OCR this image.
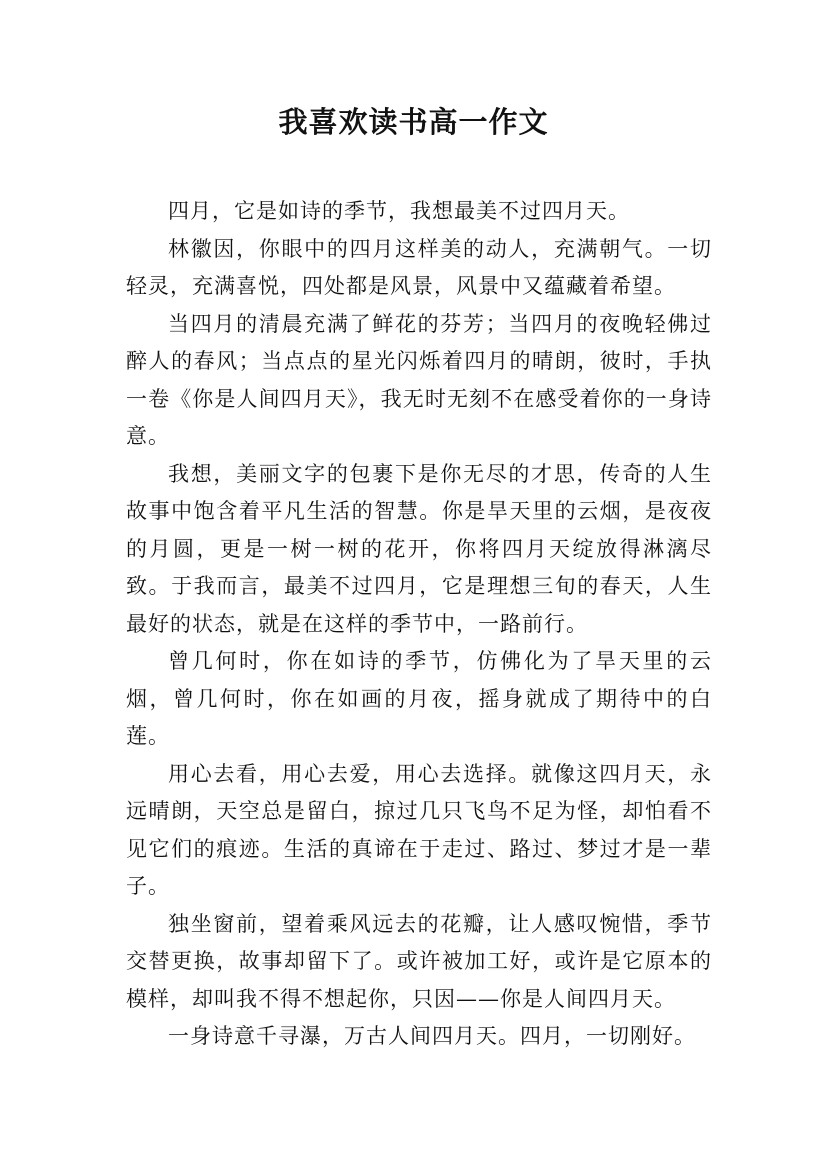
我喜欢读书高一作文

四月，它是如诗的季节，我想最美不过四月天。

林徽因，你眼中的四月这样美的动人，充满朝气。一切轻灵，充满喜悦，四处都是风景，风景中又蕴藏着希望。

当四月的清晨充满了鲜花的芬芳；当四月的夜晚轻佛过醉人的春风；当点点的星光闪烁着四月的晴朗，彼时，手执一卷《你是人间四月天》，我无时无刻不在感受着你的一身诗意。

我想，美丽文字的包裹下是你无尽的才思，传奇的人生故事中饱含着平凡生活的智慧。你是旱天里的云烟，是夜夜的月圆，更是一树一树的花开，你将四月天绽放得淋漓尽致。于我而言，最美不过四月，它是理想三旬的春天，人生最好的状态，就是在这样的季节中，一路前行。

曾几何时，你在如诗的季节，仿佛化为了旱天里的云烟，曾几何时，你在如画的月夜，摇身就成了期待中的白莲。

用心去看，用心去爱，用心去选择。就像这四月天，永远晴朗，天空总是留白，掠过几只飞鸟不足为怪，却怕看不见它们的痕迹。生活的真谛在于走过、路过、梦过才是一辈子。

独坐窗前，望着乘风远去的花瓣，让人感叹惋惜，季节交替更换，故事却留下了。或许被加工好，或许是它原本的模样，却叫我不得不想起你，只因——你是人间四月天。

一身诗意千寻瀑，万古人间四月天。四月，一切刚好。
